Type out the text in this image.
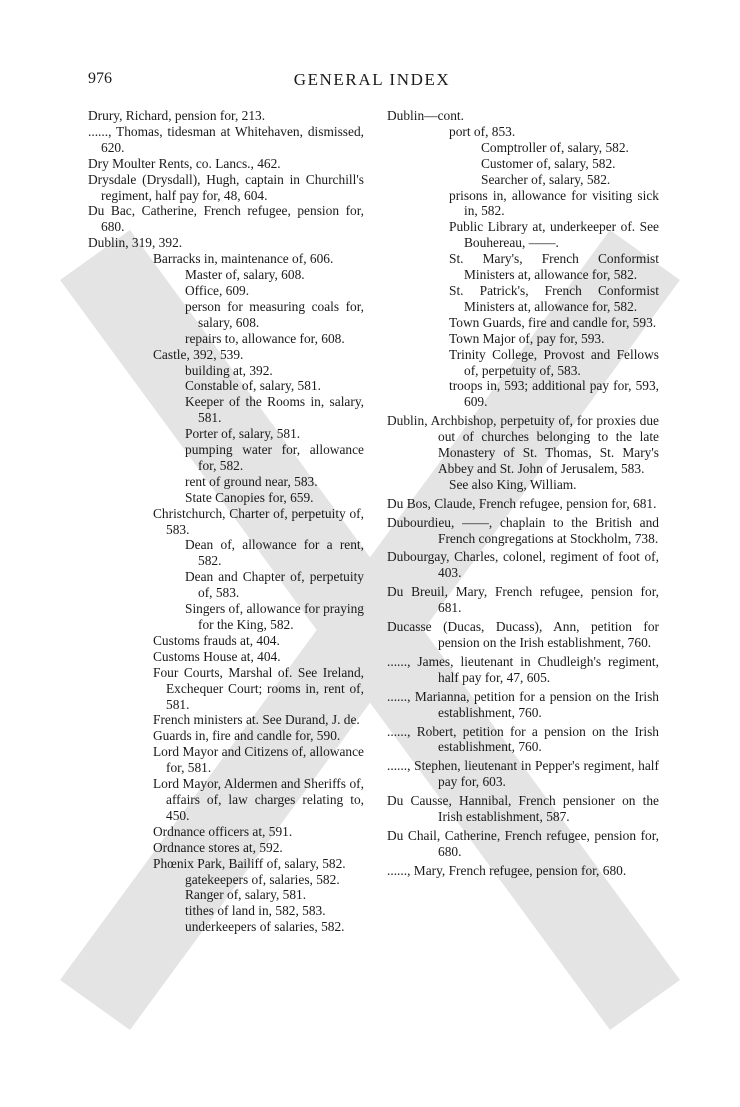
976	GENERAL INDEX
Drury, Richard, pension for, 213.
......, Thomas, tidesman at Whitehaven, dismissed, 620.
Dry Moulter Rents, co. Lancs., 462.
Drysdale (Drysdall), Hugh, captain in Churchill's regiment, half pay for, 48, 604.
Du Bac, Catherine, French refugee, pension for, 680.
Dublin, 319, 392.
Barracks in, maintenance of, 606.
Master of, salary, 608.
Office, 609.
person for measuring coals for, salary, 608.
repairs to, allowance for, 608.
Castle, 392, 539.
building at, 392.
Constable of, salary, 581.
Keeper of the Rooms in, salary, 581.
Porter of, salary, 581.
pumping water for, allowance for, 582.
rent of ground near, 583.
State Canopies for, 659.
Christchurch, Charter of, perpetuity of, 583.
Dean of, allowance for a rent, 582.
Dean and Chapter of, perpetuity of, 583.
Singers of, allowance for praying for the King, 582.
Customs frauds at, 404.
Customs House at, 404.
Four Courts, Marshal of. See Ireland, Exchequer Court; rooms in, rent of, 581.
French ministers at. See Durand, J. de.
Guards in, fire and candle for, 590.
Lord Mayor and Citizens of, allowance for, 581.
Lord Mayor, Aldermen and Sheriffs of, affairs of, law charges relating to, 450.
Ordnance officers at, 591.
Ordnance stores at, 592.
Phœnix Park, Bailiff of, salary, 582.
gatekeepers of, salaries, 582.
Ranger of, salary, 581.
tithes of land in, 582, 583.
underkeepers of salaries, 582.
Dublin—cont.
port of, 853.
Comptroller of, salary, 582.
Customer of, salary, 582.
Searcher of, salary, 582.
prisons in, allowance for visiting sick in, 582.
Public Library at, underkeeper of. See Bouhereau, ——.
St. Mary's, French Conformist Ministers at, allowance for, 582.
St. Patrick's, French Conformist Ministers at, allowance for, 582.
Town Guards, fire and candle for, 593.
Town Major of, pay for, 593.
Trinity College, Provost and Fellows of, perpetuity of, 583.
troops in, 593; additional pay for, 593, 609.
Dublin, Archbishop, perpetuity of, for proxies due out of churches belonging to the late Monastery of St. Thomas, St. Mary's Abbey and St. John of Jerusalem, 583.
See also King, William.
Du Bos, Claude, French refugee, pension for, 681.
Dubourdieu, ——, chaplain to the British and French congregations at Stockholm, 738.
Dubourgay, Charles, colonel, regiment of foot of, 403.
Du Breuil, Mary, French refugee, pension for, 681.
Ducasse (Ducas, Ducass), Ann, petition for pension on the Irish establishment, 760.
......, James, lieutenant in Chudleigh's regiment, half pay for, 47, 605.
......, Marianna, petition for a pension on the Irish establishment, 760.
......, Robert, petition for a pension on the Irish establishment, 760.
......, Stephen, lieutenant in Pepper's regiment, half pay for, 603.
Du Causse, Hannibal, French pensioner on the Irish establishment, 587.
Du Chail, Catherine, French refugee, pension for, 680.
......, Mary, French refugee, pension for, 680.
